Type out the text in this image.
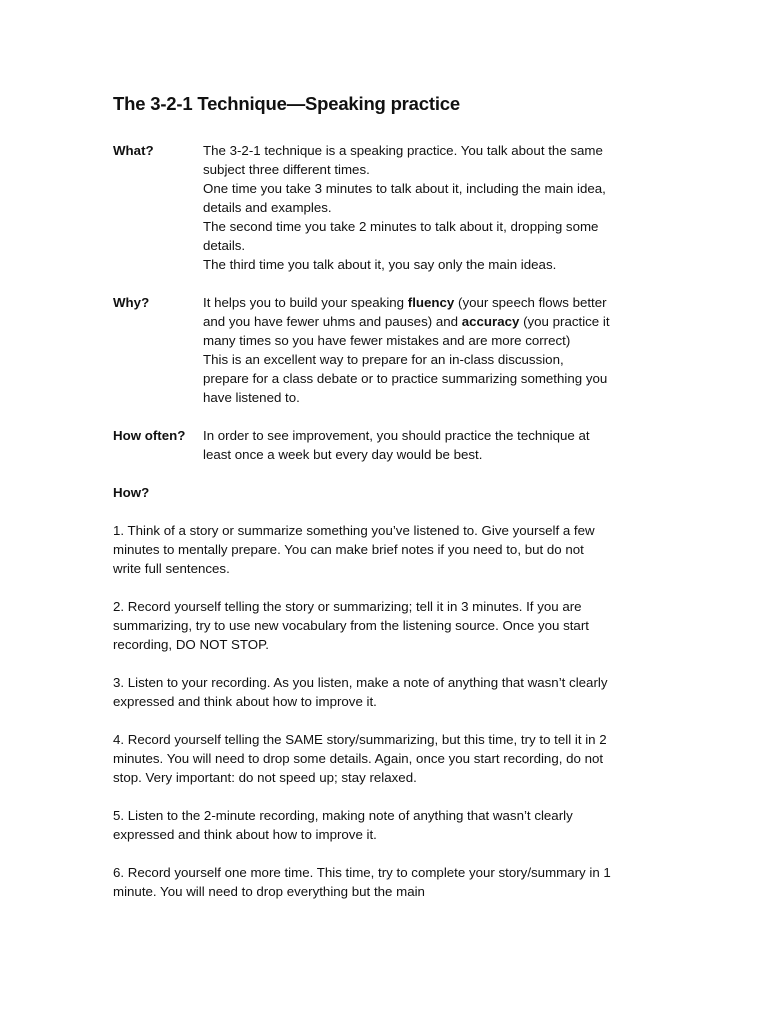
The 3-2-1 Technique—Speaking practice
What?	The 3-2-1 technique is a speaking practice. You talk about the same subject three different times.

One time you take 3 minutes to talk about it, including the main idea, details and examples.

The second time you take 2 minutes to talk about it, dropping some details.

The third time you talk about it, you say only the main ideas.

Why?	It helps you to build your speaking fluency (your speech flows better and you have fewer uhms and pauses) and accuracy (you practice it many times so you have fewer mistakes and are more correct)

This is an excellent way to prepare for an in-class discussion, prepare for a class debate or to practice summarizing something you have listened to.

How often?	In order to see improvement, you should practice the technique at least once a week but every day would be best.

How?

1. Think of a story or summarize something you’ve listened to. Give yourself a few minutes to mentally prepare. You can make brief notes if you need to, but do not write full sentences.

2. Record yourself telling the story or summarizing; tell it in 3 minutes. If you are summarizing, try to use new vocabulary from the listening source. Once you start recording, DO NOT STOP.

3. Listen to your recording. As you listen, make a note of anything that wasn’t clearly expressed and think about how to improve it.

4. Record yourself telling the SAME story/summarizing, but this time, try to tell it in 2 minutes. You will need to drop some details. Again, once you start recording, do not stop. Very important: do not speed up; stay relaxed.

5. Listen to the 2-minute recording, making note of anything that wasn’t clearly expressed and think about how to improve it.

6. Record yourself one more time. This time, try to complete your story/summary in 1 minute. You will need to drop everything but the main
